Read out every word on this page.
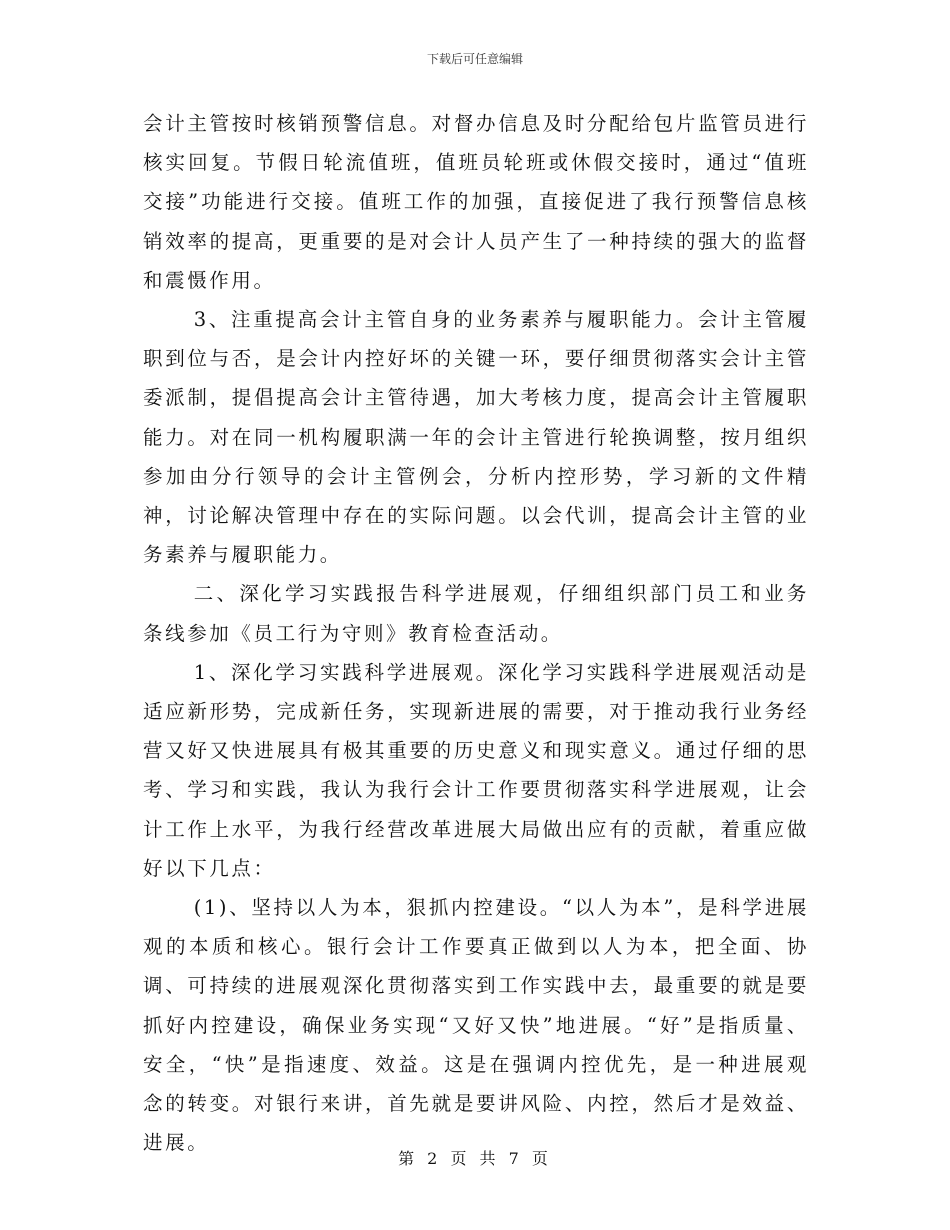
下载后可任意编辑

会计主管按时核销预警信息。对督办信息及时分配给包片监管员进行核实回复。节假日轮流值班，值班员轮班或休假交接时，通过“值班交接”功能进行交接。值班工作的加强，直接促进了我行预警信息核销效率的提高，更重要的是对会计人员产生了一种持续的强大的监督和震慑作用。

3、注重提高会计主管自身的业务素养与履职能力。会计主管履职到位与否，是会计内控好坏的关键一环，要仔细贯彻落实会计主管委派制，提倡提高会计主管待遇，加大考核力度，提高会计主管履职能力。对在同一机构履职满一年的会计主管进行轮换调整，按月组织参加由分行领导的会计主管例会，分析内控形势，学习新的文件精神，讨论解决管理中存在的实际问题。以会代训，提高会计主管的业务素养与履职能力。

二、深化学习实践报告科学进展观，仔细组织部门员工和业务条线参加《员工行为守则》教育检查活动。

1、深化学习实践科学进展观。深化学习实践科学进展观活动是适应新形势，完成新任务，实现新进展的需要，对于推动我行业务经营又好又快进展具有极其重要的历史意义和现实意义。通过仔细的思考、学习和实践，我认为我行会计工作要贯彻落实科学进展观，让会计工作上水平，为我行经营改革进展大局做出应有的贡献，着重应做好以下几点：

(1)、坚持以人为本，狠抓内控建设。“以人为本”，是科学进展观的本质和核心。银行会计工作要真正做到以人为本，把全面、协调、可持续的进展观深化贯彻落实到工作实践中去，最重要的就是要抓好内控建设，确保业务实现“又好又快”地进展。“好”是指质量、安全，“快”是指速度、效益。这是在强调内控优先，是一种进展观念的转变。对银行来讲，首先就是要讲风险、内控，然后才是效益、进展。

第 2 页 共 7 页
